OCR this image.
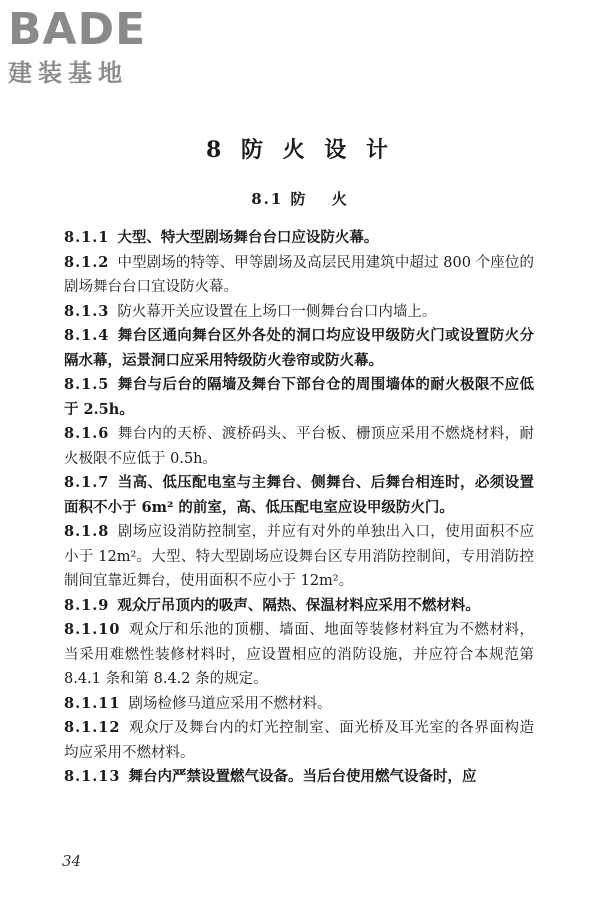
BADE
建装基地
8 防 火 设 计
8.1 防　 火

8.1.1 大型、特大型剧场舞台台口应设防火幕。

8.1.2 中型剧场的特等、甲等剧场及高层民用建筑中超过 800 个座位的剧场舞台台口宜设防火幕。

8.1.3 防火幕开关应设置在上场口一侧舞台台口内墙上。

8.1.4 舞台区通向舞台区外各处的洞口均应设甲级防火门或设置防火分隔水幕，运景洞口应采用特级防火卷帘或防火幕。

8.1.5 舞台与后台的隔墙及舞台下部台仓的周围墙体的耐火极限不应低于 2.5h。

8.1.6 舞台内的天桥、渡桥码头、平台板、栅顶应采用不燃烧材料，耐火极限不应低于 0.5h。

8.1.7 当高、低压配电室与主舞台、侧舞台、后舞台相连时，必须设置面积不小于 6m² 的前室，高、低压配电室应设甲级防火门。

8.1.8 剧场应设消防控制室，并应有对外的单独出入口，使用面积不应小于 12m²。大型、特大型剧场应设舞台区专用消防控制间，专用消防控制间宜靠近舞台，使用面积不应小于 12m²。

8.1.9 观众厅吊顶内的吸声、隔热、保温材料应采用不燃材料。

8.1.10 观众厅和乐池的顶棚、墙面、地面等装修材料宜为不燃材料，当采用难燃性装修材料时，应设置相应的消防设施，并应符合本规范第 8.4.1 条和第 8.4.2 条的规定。

8.1.11 剧场检修马道应采用不燃材料。

8.1.12 观众厅及舞台内的灯光控制室、面光桥及耳光室的各界面构造均应采用不燃材料。

8.1.13 舞台内严禁设置燃气设备。当后台使用燃气设备时，应

34
